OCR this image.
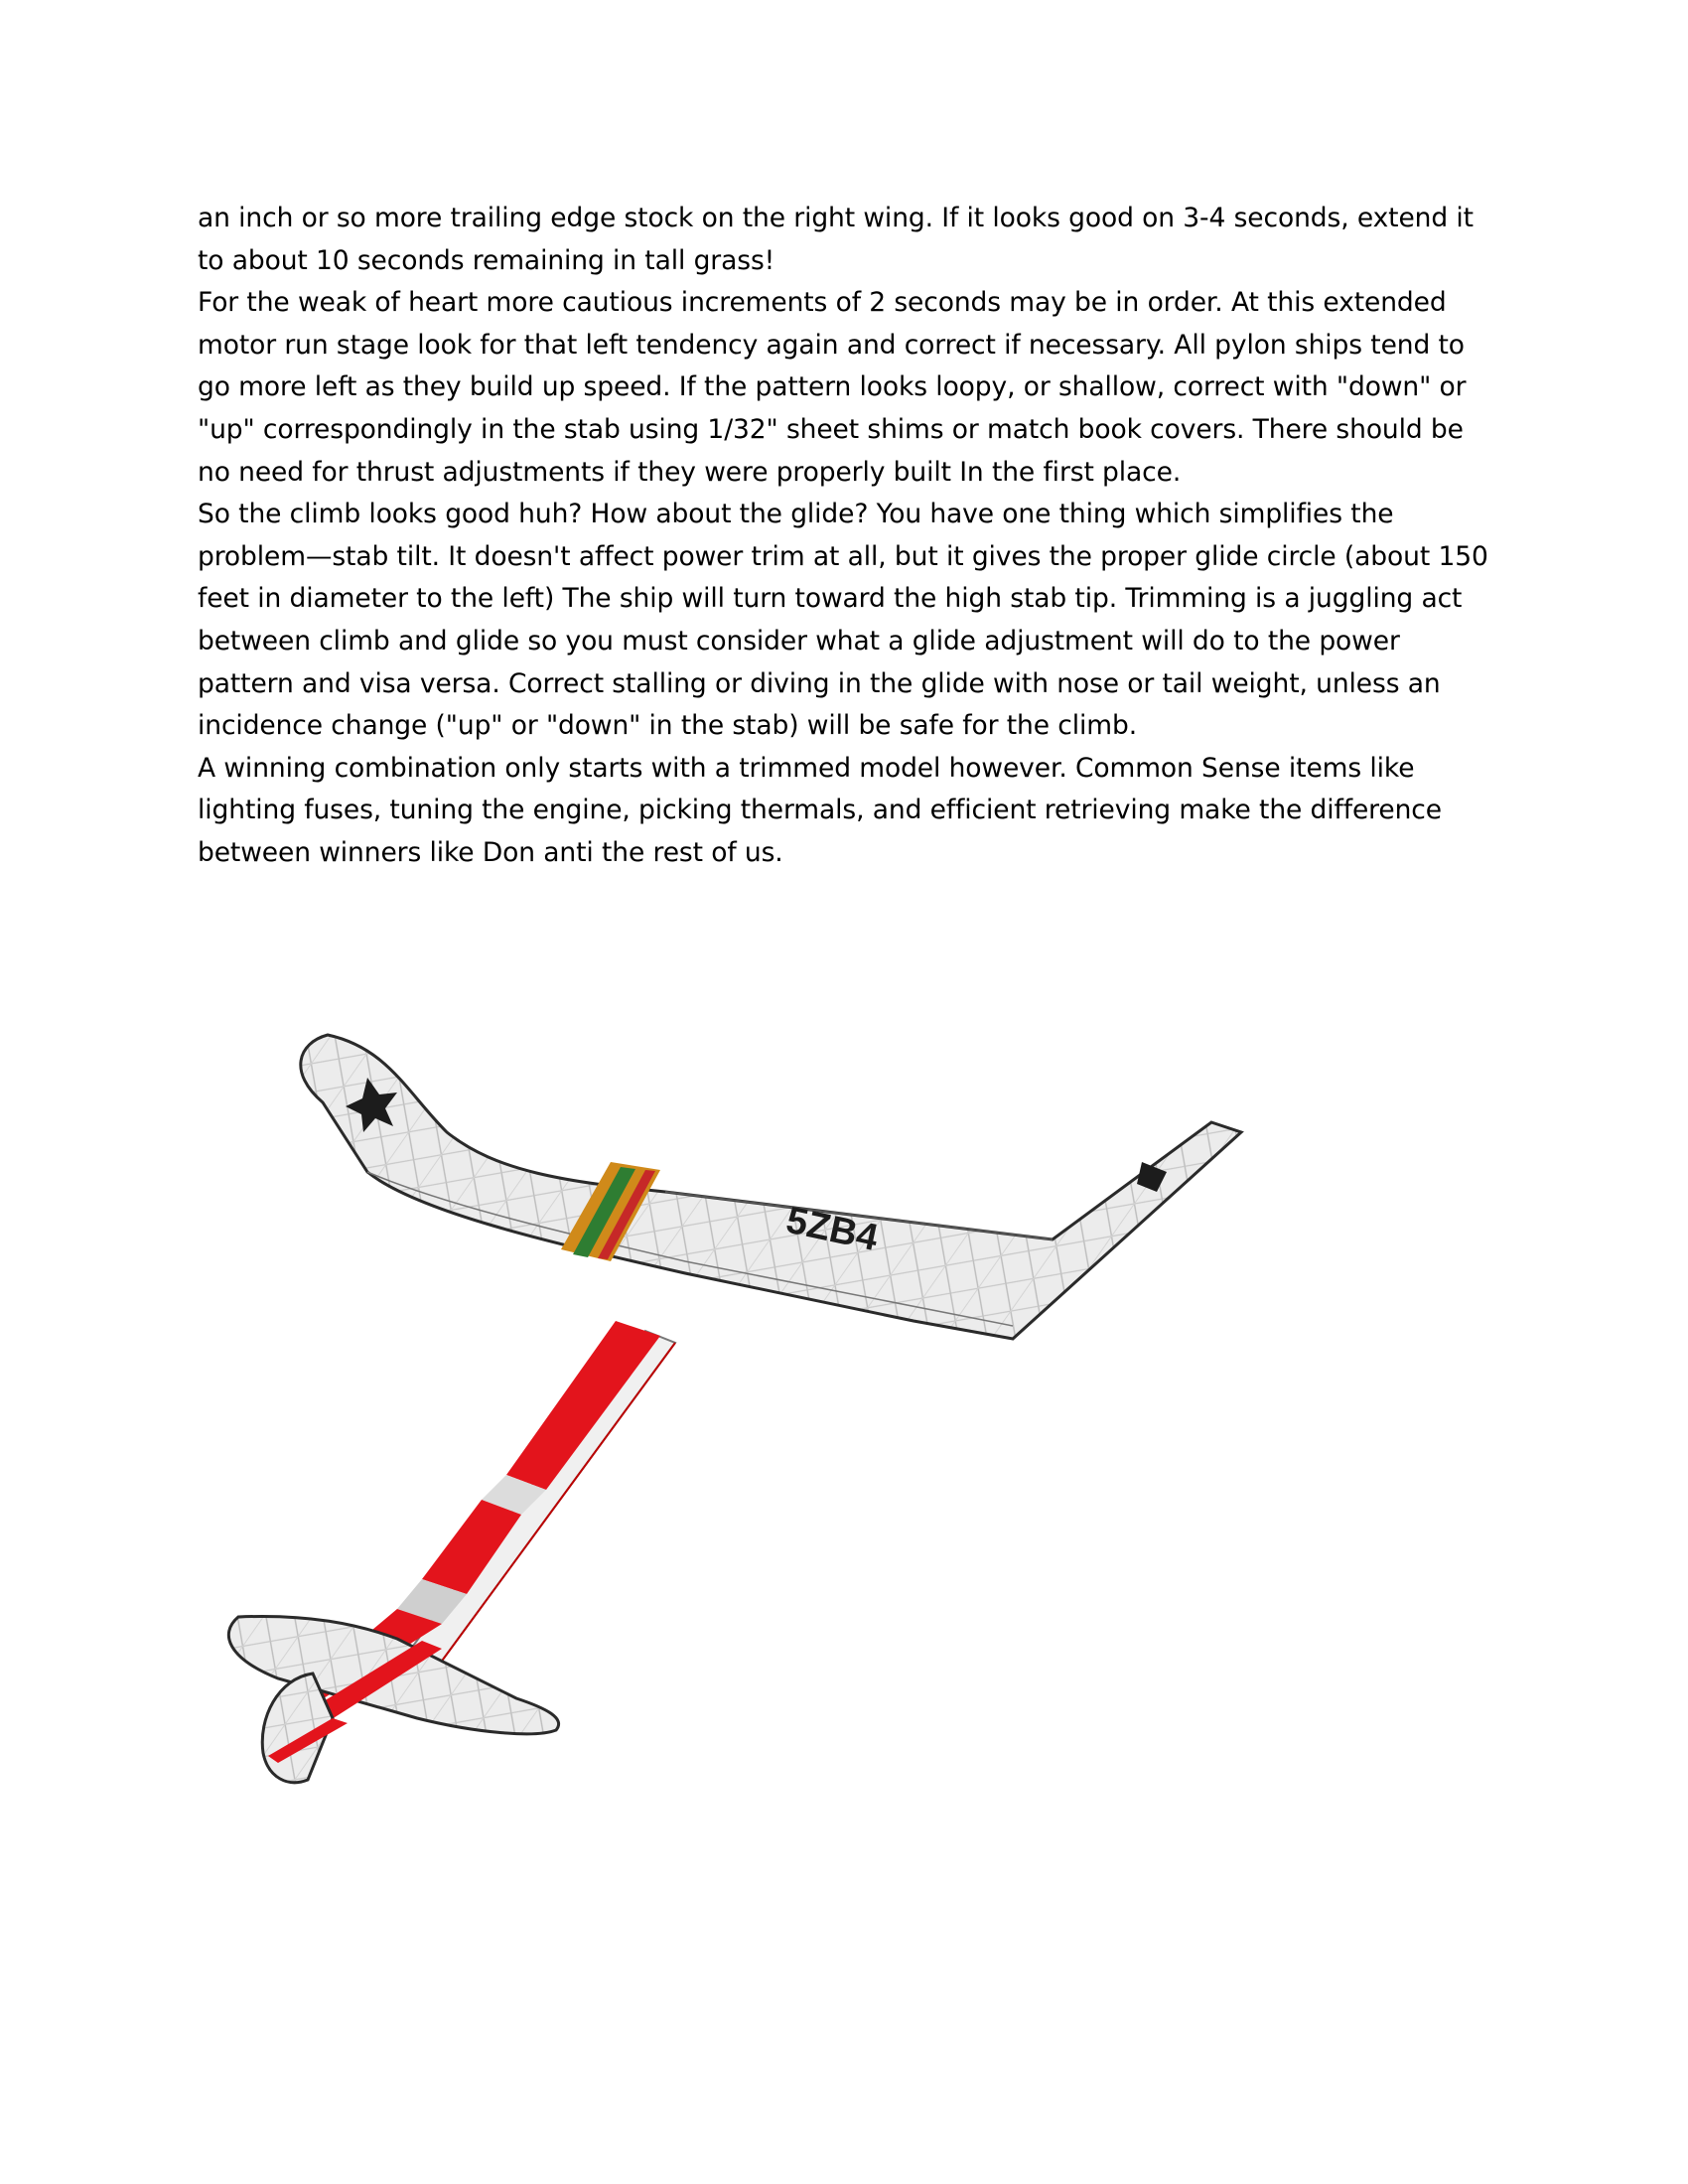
an inch or so more trailing edge stock on the right wing. If it looks good on 3-4 seconds, extend it to about 10 seconds remaining in tall grass!

For the weak of heart more cautious increments of 2 seconds may be in order. At this extended motor run stage look for that left tendency again and correct if necessary. All pylon ships tend to go more left as they build up speed. If the pattern looks loopy, or shallow, correct with "down" or "up" correspondingly in the stab using 1/32" sheet shims or match book covers. There should be no need for thrust adjustments if they were properly built In the first place.

So the climb looks good huh? How about the glide? You have one thing which simplifies the problem—stab tilt. It doesn't affect power trim at all, but it gives the proper glide circle (about 150 feet in diameter to the left) The ship will turn toward the high stab tip. Trimming is a juggling act between climb and glide so you must consider what a glide adjustment will do to the power pattern and visa versa. Correct stalling or diving in the glide with nose or tail weight, unless an incidence change ("up" or "down" in the stab) will be safe for the climb.

A winning combination only starts with a trimmed model however. Common Sense items like lighting fuses, tuning the engine, picking thermals, and efficient retrieving make the difference between winners like Don anti the rest of us.

5ZB4
